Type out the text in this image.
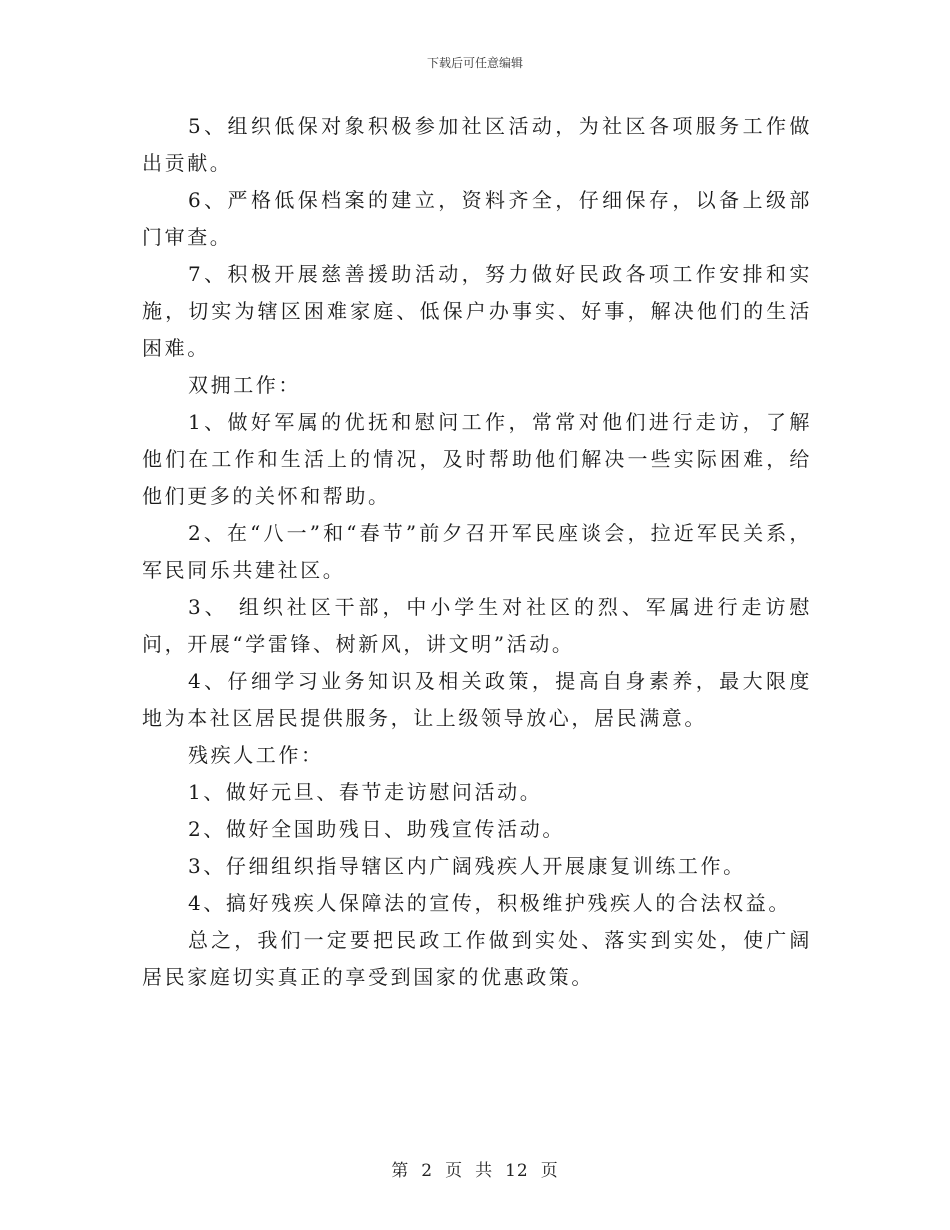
下载后可任意编辑

5、组织低保对象积极参加社区活动，为社区各项服务工作做出贡献。

6、严格低保档案的建立，资料齐全，仔细保存，以备上级部门审查。

7、积极开展慈善援助活动，努力做好民政各项工作安排和实施，切实为辖区困难家庭、低保户办事实、好事，解决他们的生活困难。

双拥工作：

1、做好军属的优抚和慰问工作，常常对他们进行走访，了解他们在工作和生活上的情况，及时帮助他们解决一些实际困难，给他们更多的关怀和帮助。

2、在“八一”和“春节”前夕召开军民座谈会，拉近军民关系，军民同乐共建社区。

3、 组织社区干部，中小学生对社区的烈、军属进行走访慰问，开展“学雷锋、树新风，讲文明”活动。

4、仔细学习业务知识及相关政策，提高自身素养，最大限度地为本社区居民提供服务，让上级领导放心，居民满意。

残疾人工作：

1、做好元旦、春节走访慰问活动。

2、做好全国助残日、助残宣传活动。

3、仔细组织指导辖区内广阔残疾人开展康复训练工作。

4、搞好残疾人保障法的宣传，积极维护残疾人的合法权益。

总之，我们一定要把民政工作做到实处、落实到实处，使广阔居民家庭切实真正的享受到国家的优惠政策。

第 2 页 共 12 页
